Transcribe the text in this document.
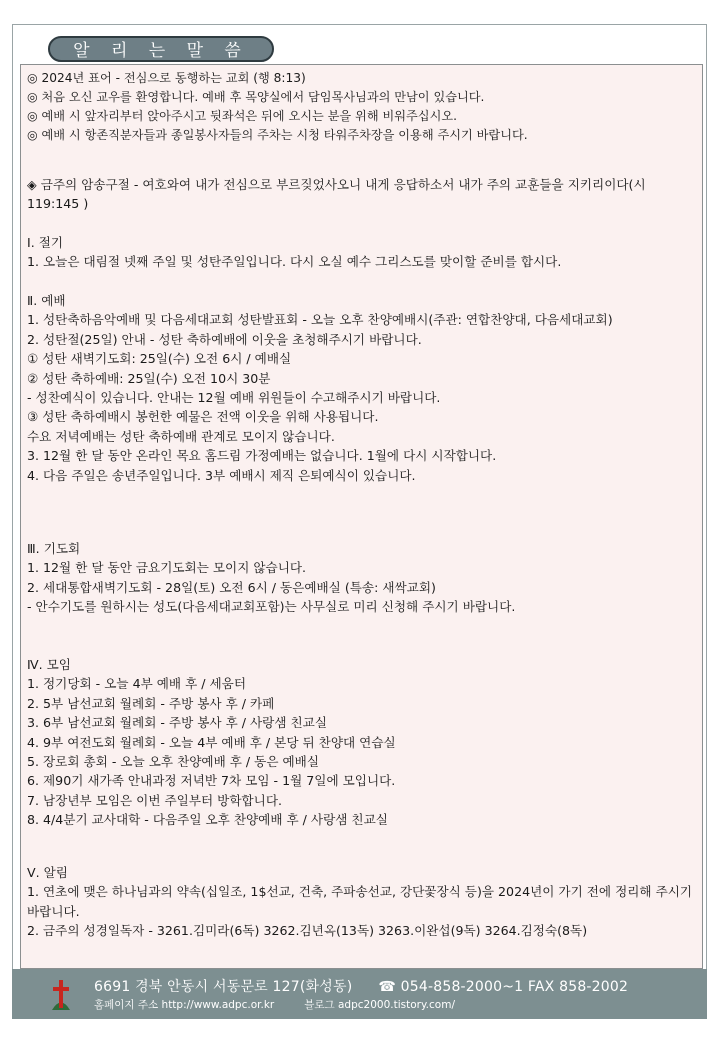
알 리 는 말 씀

◎ 2024년 표어 - 전심으로 동행하는 교회 (행 8:13)

◎ 처음 오신 교우를 환영합니다. 예배 후 목양실에서 담임목사님과의 만남이 있습니다.

◎ 예배 시 앞자리부터 앉아주시고 뒷좌석은 뒤에 오시는 분을 위해 비워주십시오.

◎ 예배 시 항존직분자들과 종일봉사자들의 주차는 시청 타워주차장을 이용해 주시기 바랍니다.

◈ 금주의 암송구절 - 여호와여 내가 전심으로 부르짖었사오니 내게 응답하소서 내가 주의 교훈들을 지키리이다(시119:145 )

Ⅰ. 절기

1. 오늘은 대림절 넷째 주일 및 성탄주일입니다. 다시 오실 예수 그리스도를 맞이할 준비를 합시다.

Ⅱ. 예배

1. 성탄축하음악예배 및 다음세대교회 성탄발표회 - 오늘 오후 찬양예배시(주관: 연합찬양대, 다음세대교회)

2. 성탄절(25일) 안내 - 성탄 축하예배에 이웃을 초청해주시기 바랍니다.

① 성탄 새벽기도회: 25일(수) 오전 6시 / 예배실

② 성탄 축하예배: 25일(수) 오전 10시 30분

- 성찬예식이 있습니다. 안내는 12월 예배 위원들이 수고해주시기 바랍니다.

③ 성탄 축하예배시 봉헌한 예물은 전액 이웃을 위해 사용됩니다.

수요 저녁예배는 성탄 축하예배 관계로 모이지 않습니다.

3. 12월 한 달 동안 온라인 목요 홈드림 가정예배는 없습니다. 1월에 다시 시작합니다.

4. 다음 주일은 송년주일입니다. 3부 예배시 제직 은퇴예식이 있습니다.

Ⅲ. 기도회

1. 12월 한 달 동안 금요기도회는 모이지 않습니다.

2. 세대통합새벽기도회 - 28일(토) 오전 6시 / 동은예배실 (특송: 새싹교회)

- 안수기도를 원하시는 성도(다음세대교회포함)는 사무실로 미리 신청해 주시기 바랍니다.

Ⅳ. 모임

1. 정기당회 - 오늘 4부 예배 후 / 세움터

2. 5부 남선교회 월례회 - 주방 봉사 후 / 카페

3. 6부 남선교회 월례회 - 주방 봉사 후 / 사랑샘 친교실

4. 9부 여전도회 월례회 - 오늘 4부 예배 후 / 본당 뒤 찬양대 연습실

5. 장로회 총회 - 오늘 오후 찬양예배 후 / 동은 예배실

6. 제90기 새가족 안내과정 저녁반 7차 모임 - 1월 7일에 모입니다.

7. 남장년부 모임은 이번 주일부터 방학합니다.

8. 4/4분기 교사대학 - 다음주일 오후 찬양예배 후 / 사랑샘 친교실

Ⅴ. 알림

1. 연초에 맺은 하나님과의 약속(십일조, 1$선교, 건축, 주파송선교, 강단꽃장식 등)을 2024년이 가기 전에 정리해 주시기 바랍니다.

2. 금주의 성경일독자 - 3261.김미라(6독) 3262.김년옥(13독) 3263.이완섭(9독) 3264.김정숙(8독)

6691 경북 안동시 서동문로 127(화성동) ☎ 054-858-2000~1 FAX 858-2002
홈페이지 주소 http://www.adpc.or.kr	블로그 adpc2000.tistory.com/
